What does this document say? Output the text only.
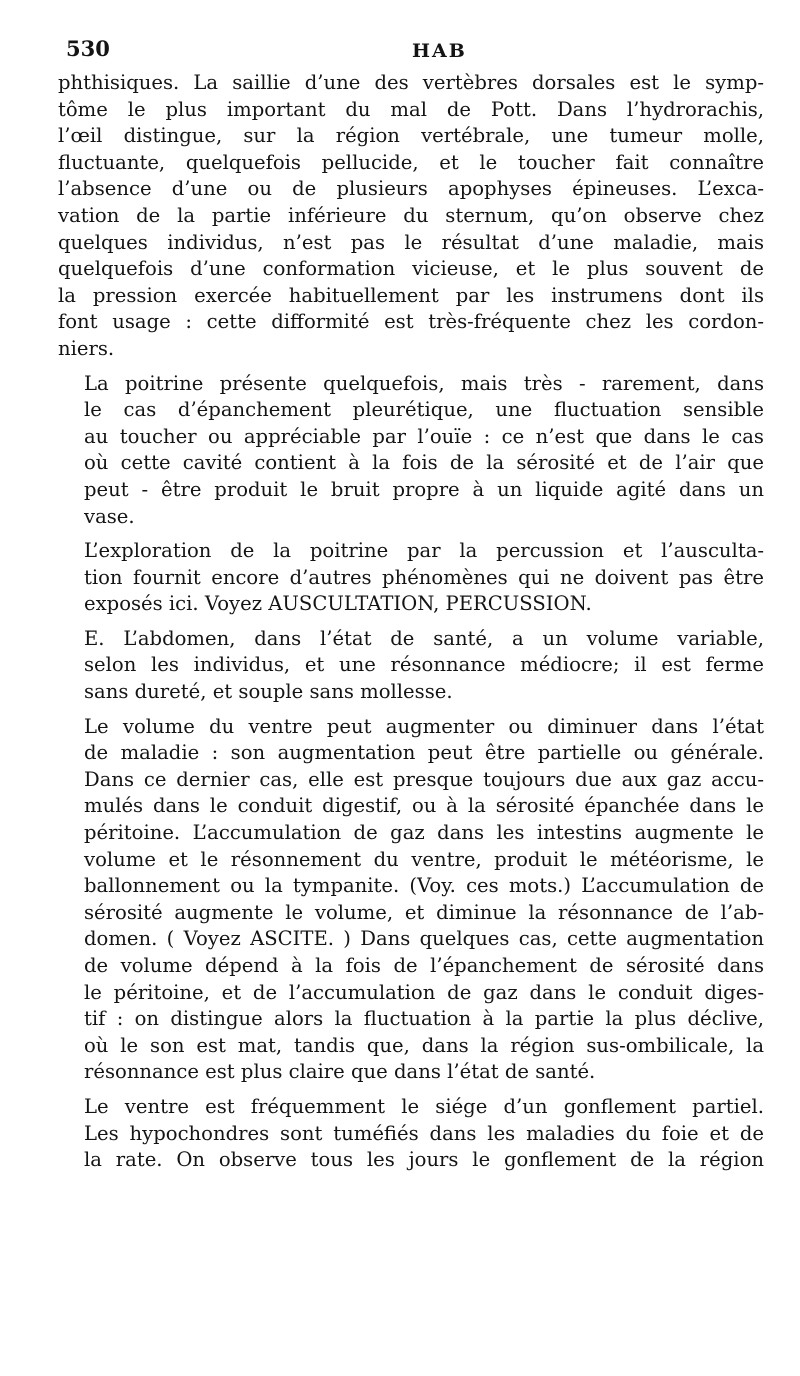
530	HAB

phthisiques. La saillie d’une des vertèbres dorsales est le symp-
tôme le plus important du mal de Pott. Dans l’hydrorachis,
l’œil distingue, sur la région vertébrale, une tumeur molle,
fluctuante, quelquefois pellucide, et le toucher fait connaître
l’absence d’une ou de plusieurs apophyses épineuses. L’exca-
vation de la partie inférieure du sternum, qu’on observe chez
quelques individus, n’est pas le résultat d’une maladie, mais
quelquefois d’une conformation vicieuse, et le plus souvent de
la pression exercée habituellement par les instrumens dont ils
font usage : cette difformité est très-fréquente chez les cordon-
niers.

La poitrine présente quelquefois, mais très - rarement, dans
le cas d’épanchement pleurétique, une fluctuation sensible
au toucher ou appréciable par l’ouïe : ce n’est que dans le cas
où cette cavité contient à la fois de la sérosité et de l’air que
peut - être produit le bruit propre à un liquide agité dans un
vase.

L’exploration de la poitrine par la percussion et l’ausculta-
tion fournit encore d’autres phénomènes qui ne doivent pas être
exposés ici. Voyez AUSCULTATION, PERCUSSION.

E. L’abdomen, dans l’état de santé, a un volume variable,
selon les individus, et une résonnance médiocre; il est ferme
sans dureté, et souple sans mollesse.

Le volume du ventre peut augmenter ou diminuer dans l’état
de maladie : son augmentation peut être partielle ou générale.
Dans ce dernier cas, elle est presque toujours due aux gaz accu-
mulés dans le conduit digestif, ou à la sérosité épanchée dans le
péritoine. L’accumulation de gaz dans les intestins augmente le
volume et le résonnement du ventre, produit le météorisme, le
ballonnement ou la tympanite. (Voy. ces mots.) L’accumulation de
sérosité augmente le volume, et diminue la résonnance de l’ab-
domen. ( Voyez ASCITE. ) Dans quelques cas, cette augmentation
de volume dépend à la fois de l’épanchement de sérosité dans
le péritoine, et de l’accumulation de gaz dans le conduit diges-
tif : on distingue alors la fluctuation à la partie la plus déclive,
où le son est mat, tandis que, dans la région sus-ombilicale, la
résonnance est plus claire que dans l’état de santé.

Le ventre est fréquemment le siége d’un gonflement partiel.
Les hypochondres sont tuméfiés dans les maladies du foie et de
la rate. On observe tous les jours le gonflement de la région
